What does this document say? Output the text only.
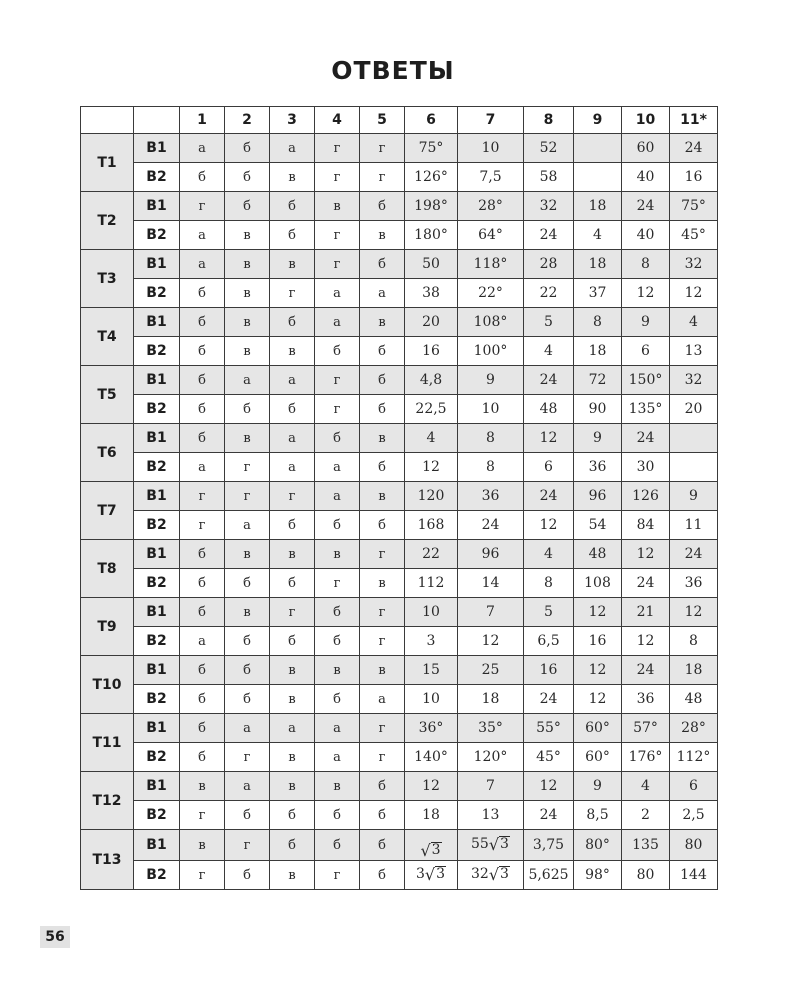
ОТВЕТЫ
		1	2	3	4	5	6	7	8	9	10	11*
Т1	В1	а	б	а	г	г	75°	10	52		60	24
	В2	б	б	в	г	г	126°	7,5	58		40	16
Т2	В1	г	б	б	в	б	198°	28°	32	18	24	75°
	В2	а	в	б	г	в	180°	64°	24	4	40	45°
Т3	В1	а	в	в	г	б	50	118°	28	18	8	32
	В2	б	в	г	а	а	38	22°	22	37	12	12
Т4	В1	б	в	б	а	в	20	108°	5	8	9	4
	В2	б	в	в	б	б	16	100°	4	18	6	13
Т5	В1	б	а	а	г	б	4,8	9	24	72	150°	32
	В2	б	б	б	г	б	22,5	10	48	90	135°	20
Т6	В1	б	в	а	б	в	4	8	12	9	24	
	В2	а	г	а	а	б	12	8	6	36	30	
Т7	В1	г	г	г	а	в	120	36	24	96	126	9
	В2	г	а	б	б	б	168	24	12	54	84	11
Т8	В1	б	в	в	в	г	22	96	4	48	12	24
	В2	б	б	б	г	в	112	14	8	108	24	36
Т9	В1	б	в	г	б	г	10	7	5	12	21	12
	В2	а	б	б	б	г	3	12	6,5	16	12	8
Т10	В1	б	б	в	в	в	15	25	16	12	24	18
	В2	б	б	в	б	а	10	18	24	12	36	48
Т11	В1	б	а	а	а	г	36°	35°	55°	60°	57°	28°
	В2	б	г	в	а	г	140°	120°	45°	60°	176°	112°
Т12	В1	в	а	в	в	б	12	7	12	9	4	6
	В2	г	б	б	б	б	18	13	24	8,5	2	2,5
Т13	В1	в	г	б	б	б	√ 3	55 √ 3	3,75	80°	135	80
	В2	г	б	в	г	б	3 √ 3	32 √ 3	5,625	98°	80	144
56
